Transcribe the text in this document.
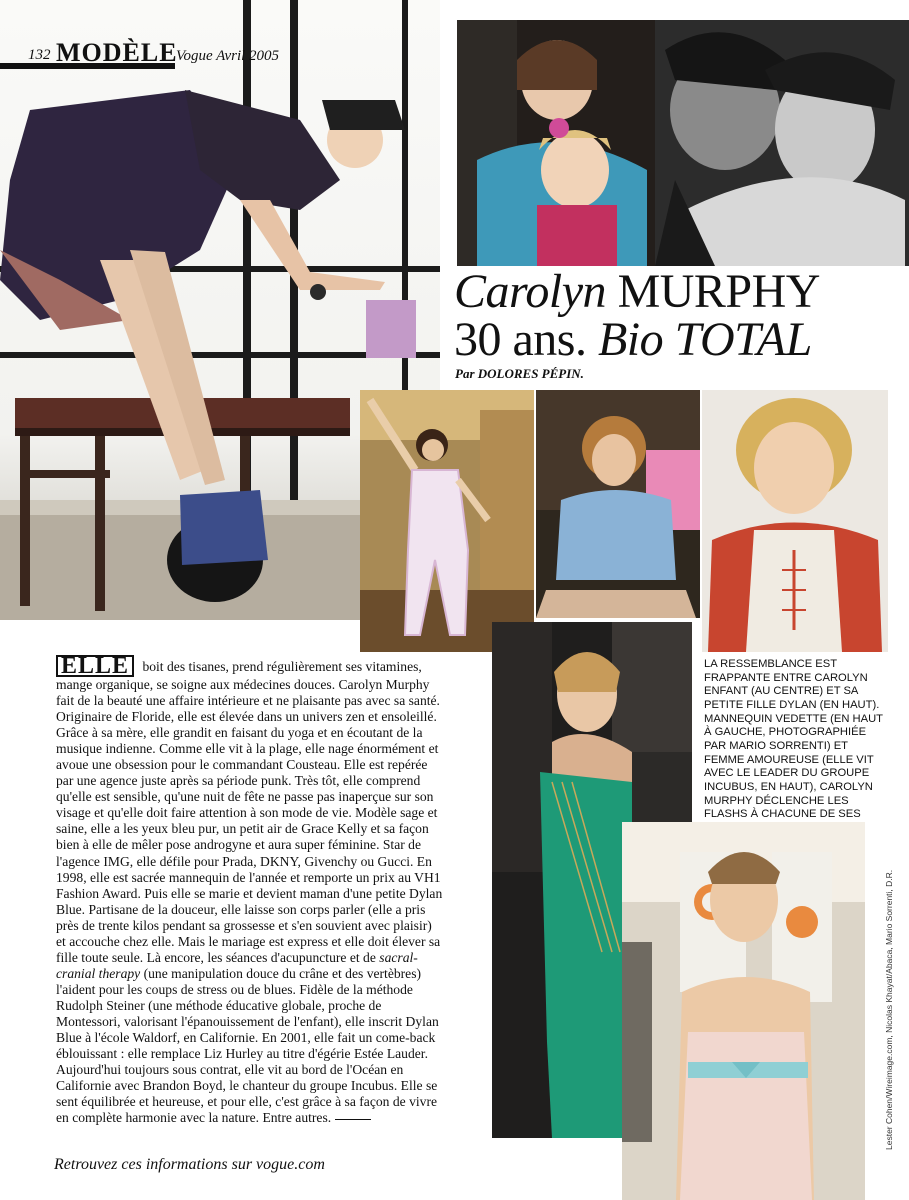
132 MODÈLE
Vogue Avril 2005
Carolyn MURPHY
30 ans. Bio TOTAL
Par DOLORES PÉPIN.
ELLE boit des tisanes, prend régulièrement ses vitamines, mange organique, se soigne aux médecines douces. Carolyn Murphy fait de la beauté une affaire intérieure et ne plaisante pas avec sa santé. Originaire de Floride, elle est élevée dans un univers zen et ensoleillé. Grâce à sa mère, elle grandit en faisant du yoga et en écoutant de la musique indienne. Comme elle vit à la plage, elle nage énormément et avoue une obsession pour le commandant Cousteau. Elle est repérée par une agence juste après sa période punk. Très tôt, elle comprend qu'elle est sensible, qu'une nuit de fête ne passe pas inaperçue sur son visage et qu'elle doit faire attention à son mode de vie. Modèle sage et saine, elle a les yeux bleu pur, un petit air de Grace Kelly et sa façon bien à elle de mêler pose androgyne et aura super féminine. Star de l'agence IMG, elle défile pour Prada, DKNY, Givenchy ou Gucci. En 1998, elle est sacrée mannequin de l'année et remporte un prix au VH1 Fashion Award. Puis elle se marie et devient maman d'une petite Dylan Blue. Partisane de la douceur, elle laisse son corps parler (elle a pris près de trente kilos pendant sa grossesse et s'en souvient avec plaisir) et accouche chez elle. Mais le mariage est express et elle doit élever sa fille toute seule. Là encore, les séances d'acupuncture et de sacral-cranial therapy (une manipulation douce du crâne et des vertèbres) l'aident pour les coups de stress ou de blues. Fidèle de la méthode Rudolph Steiner (une méthode éducative globale, proche de Montessori, valorisant l'épanouissement de l'enfant), elle inscrit Dylan Blue à l'école Waldorf, en Californie. En 2001, elle fait un come-back éblouissant : elle remplace Liz Hurley au titre d'égérie Estée Lauder. Aujourd'hui toujours sous contrat, elle vit au bord de l'Océan en Californie avec Brandon Boyd, le chanteur du groupe Incubus. Elle se sent équilibrée et heureuse, et pour elle, c'est grâce à sa façon de vivre en complète harmonie avec la nature. Entre autres.
LA RESSEMBLANCE EST FRAPPANTE ENTRE CAROLYN ENFANT (AU CENTRE) ET SA PETITE FILLE DYLAN (EN HAUT). MANNEQUIN VEDETTE (EN HAUT À GAUCHE, PHOTOGRAPHIÉE PAR MARIO SORRENTI) ET FEMME AMOUREUSE (ELLE VIT AVEC LE LEADER DU GROUPE INCUBUS, EN HAUT), CAROLYN MURPHY DÉCLENCHE LES FLASHS À CHACUNE DE SES
Lester Cohen/Wireimage.com, Nicolas Khayat/Abaca, Mario Sorrenti, D.R.
Retrouvez ces informations sur vogue.com
